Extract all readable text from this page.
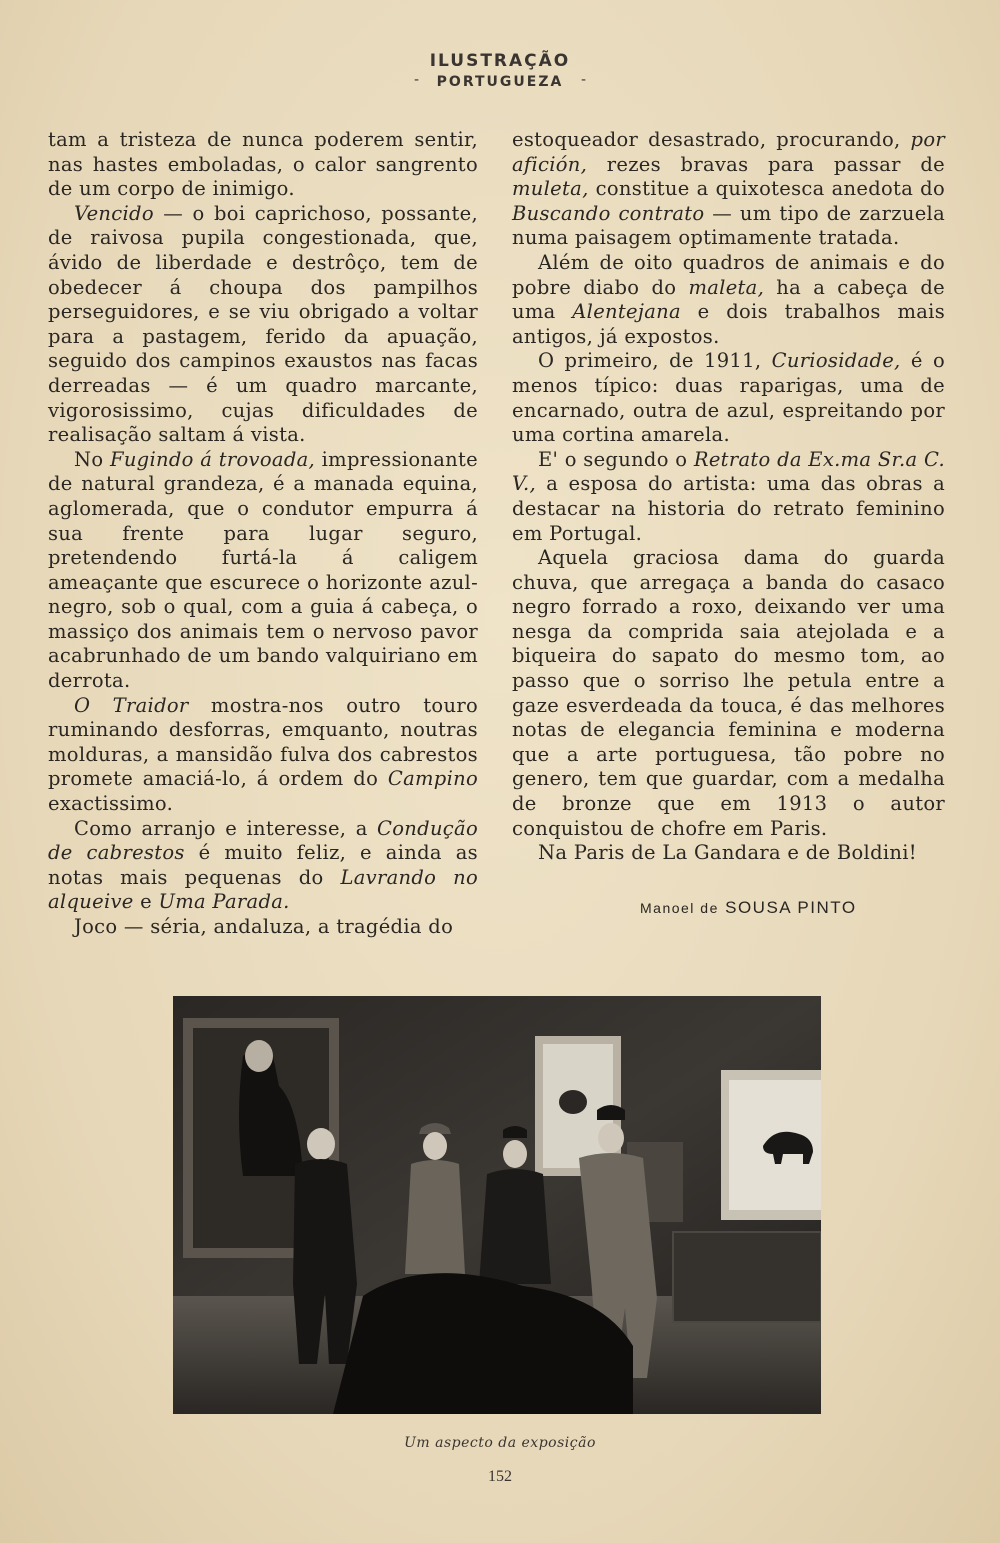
-
ILUSTRAÇÃO
PORTUGUEZA	-

tam a tristeza de nunca poderem sentir, nas hastes emboladas, o calor sangrento de um corpo de inimigo.

Vencido — o boi caprichoso, possante, de raivosa pupila congestionada, que, ávido de liberdade e destrôço, tem de obedecer á choupa dos pampilhos perseguidores, e se viu obrigado a voltar para a pastagem, ferido da apuação, seguido dos campinos exaustos nas facas derreadas — é um quadro marcante, vigorosissimo, cujas dificuldades de realisação saltam á vista.

No Fugindo á trovoada, impressionante de natural grandeza, é a manada equina, aglomerada, que o condutor empurra á sua frente para lugar seguro, pretendendo furtá-la á caligem ameaçante que escurece o horizonte azul-negro, sob o qual, com a guia á cabeça, o massiço dos animais tem o nervoso pavor acabrunhado de um bando valquiriano em derrota.

O Traidor mostra-nos outro touro ruminando desforras, emquanto, noutras molduras, a mansidão fulva dos cabrestos promete amaciá-lo, á ordem do Campino exactissimo.

Como arranjo e interesse, a Condução de cabrestos é muito feliz, e ainda as notas mais pequenas do Lavrando no alqueive e Uma Parada.

Joco — séria, andaluza, a tragédia do

estoqueador desastrado, procurando, por afición, rezes bravas para passar de muleta, constitue a quixotesca anedota do Buscando contrato — um tipo de zarzuela numa paisagem optimamente tratada.

Além de oito quadros de animais e do pobre diabo do maleta, ha a cabeça de uma Alentejana e dois trabalhos mais antigos, já expostos.

O primeiro, de 1911, Curiosidade, é o menos típico: duas raparigas, uma de encarnado, outra de azul, espreitando por uma cortina amarela.

E' o segundo o Retrato da Ex.ma Sr.a C. V., a esposa do artista: uma das obras a destacar na historia do retrato feminino em Portugal.

Aquela graciosa dama do guarda chuva, que arregaça a banda do casaco negro forrado a roxo, deixando ver uma nesga da comprida saia atejolada e a biqueira do sapato do mesmo tom, ao passo que o sorriso lhe petula entre a gaze esverdeada da touca, é das melhores notas de elegancia feminina e moderna que a arte portuguesa, tão pobre no genero, tem que guardar, com a medalha de bronze que em 1913 o autor conquistou de chofre em Paris.

Na Paris de La Gandara e de Boldini!

Manoel de SOUSA PINTO
Um aspecto da exposição
152
